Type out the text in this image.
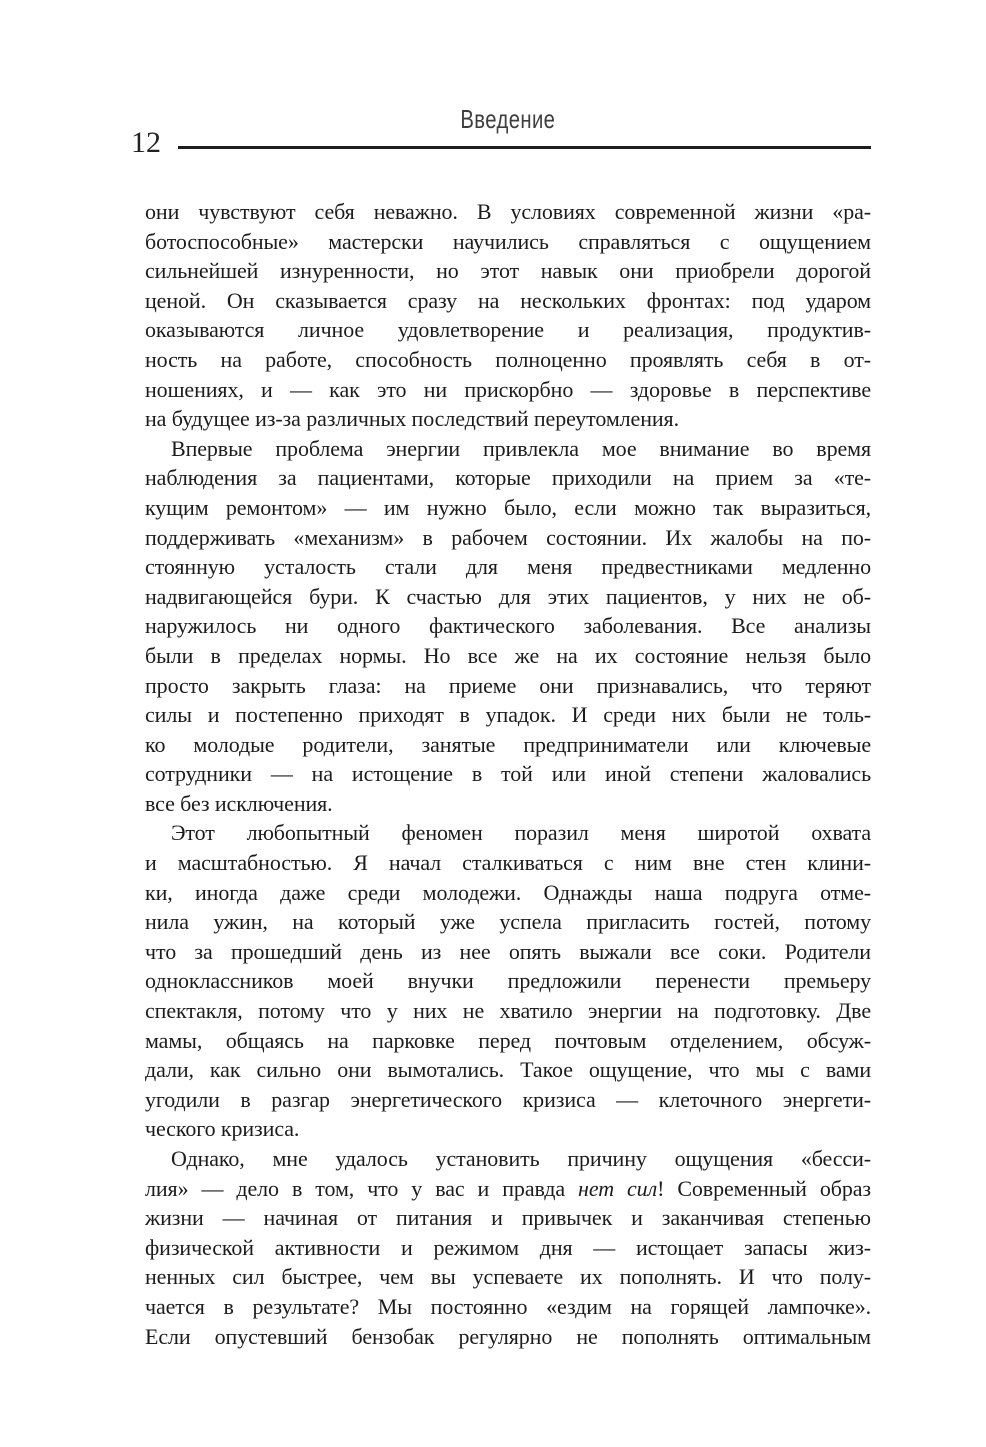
Введение
12
они чувствуют себя неважно. В условиях современной жизни «ра-
ботоспособные» мастерски научились справляться с ощущением
сильнейшей изнуренности, но этот навык они приобрели дорогой
ценой. Он сказывается сразу на нескольких фронтах: под ударом
оказываются личное удовлетворение и реализация, продуктив-
ность на работе, способность полноценно проявлять себя в от-
ношениях, и — как это ни прискорбно — здоровье в перспективе
на будущее из-за различных последствий переутомления.
Впервые проблема энергии привлекла мое внимание во время
наблюдения за пациентами, которые приходили на прием за «те-
кущим ремонтом» — им нужно было, если можно так выразиться,
поддерживать «механизм» в рабочем состоянии. Их жалобы на по-
стоянную усталость стали для меня предвестниками медленно
надвигающейся бури. К счастью для этих пациентов, у них не об-
наружилось ни одного фактического заболевания. Все анализы
были в пределах нормы. Но все же на их состояние нельзя было
просто закрыть глаза: на приеме они признавались, что теряют
силы и постепенно приходят в упадок. И среди них были не толь-
ко молодые родители, занятые предприниматели или ключевые
сотрудники — на истощение в той или иной степени жаловались
все без исключения.
Этот любопытный феномен поразил меня широтой охвата
и масштабностью. Я начал сталкиваться с ним вне стен клини-
ки, иногда даже среди молодежи. Однажды наша подруга отме-
нила ужин, на который уже успела пригласить гостей, потому
что за прошедший день из нее опять выжали все соки. Родители
одноклассников моей внучки предложили перенести премьеру
спектакля, потому что у них не хватило энергии на подготовку. Две
мамы, общаясь на парковке перед почтовым отделением, обсуж-
дали, как сильно они вымотались. Такое ощущение, что мы с вами
угодили в разгар энергетического кризиса — клеточного энергети-
ческого кризиса.
Однако, мне удалось установить причину ощущения «бесси-
лия» — дело в том, что у вас и правда нет сил! Современный образ
жизни — начиная от питания и привычек и заканчивая степенью
физической активности и режимом дня — истощает запасы жиз-
ненных сил быстрее, чем вы успеваете их пополнять. И что полу-
чается в результате? Мы постоянно «ездим на горящей лампочке».
Если опустевший бензобак регулярно не пополнять оптимальным
